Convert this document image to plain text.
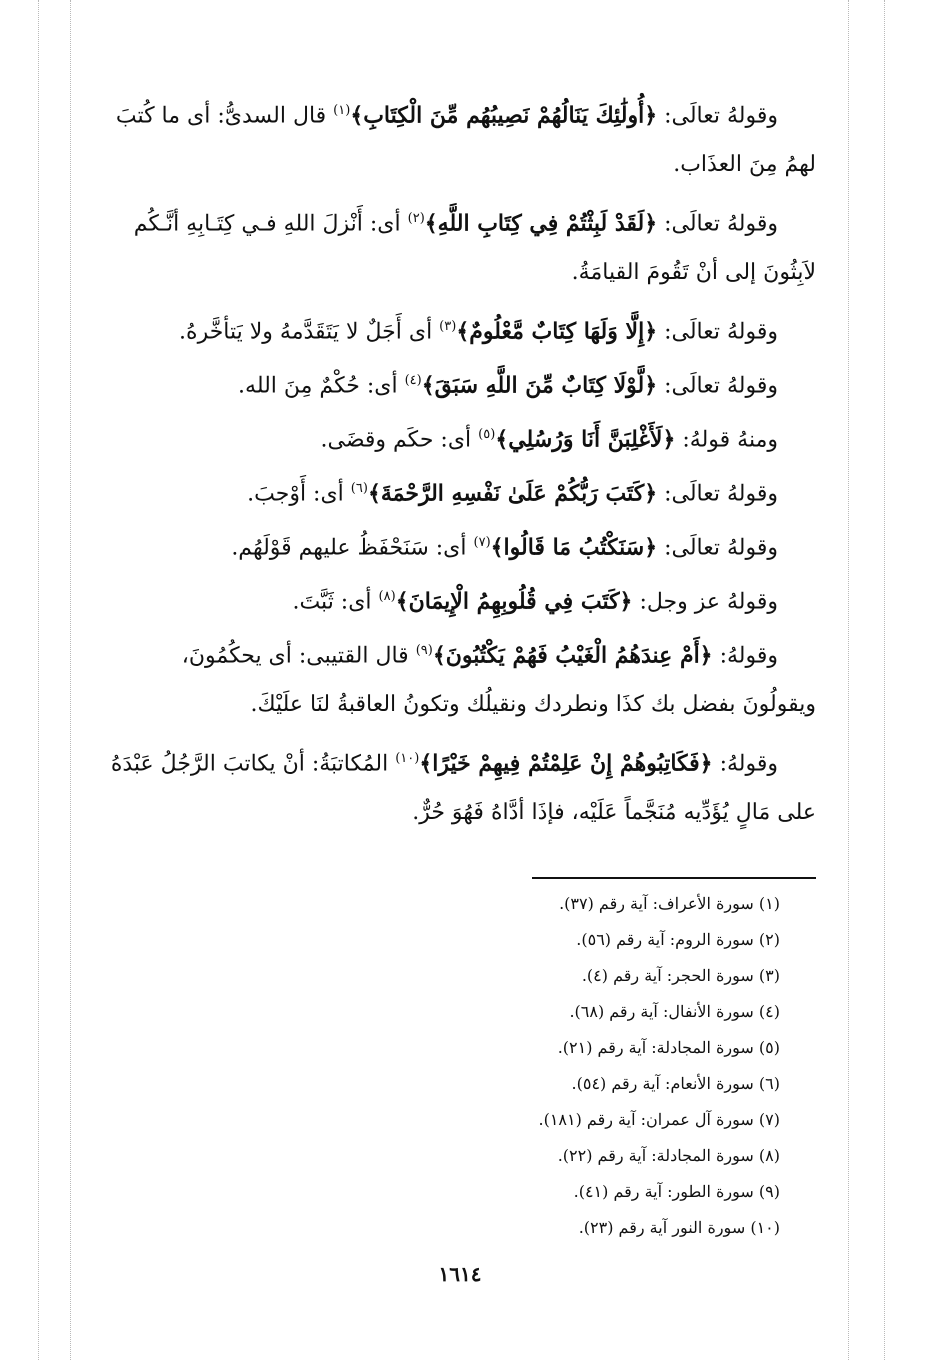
وقولهُ تعالَى: ﴿أُولَٰئِكَ يَنَالُهُمْ نَصِيبُهُم مِّنَ الْكِتَابِ﴾$^{(١)}$ قال السدىُّ: أى ما كُتبَ
لهمُ مِنَ العذَاب.
وقولهُ تعالَى: ﴿لَقَدْ لَبِثْتُمْ فِي كِتَابِ اللَّهِ﴾$^{(٢)}$ أى: أَنْزلَ اللهِ فـي كِتَـابِهِ أنَّـكُم
لاَبِثُونَ إلى أنْ تَقُومَ القيامَةُ.
وقولهُ تعالَى: ﴿إِلَّا وَلَهَا كِتَابٌ مَّعْلُومٌ﴾$^{(٣)}$ أى أَجَلٌ لا يَتَقَدَّمهُ ولا يَتأخَّرهُ.
وقولهُ تعالَى: ﴿لَّوْلَا كِتَابٌ مِّنَ اللَّهِ سَبَقَ﴾$^{(٤)}$ أى: حُكْمٌ مِنَ الله.
ومنهُ قولهُ: ﴿لَأَغْلِبَنَّ أَنَا وَرُسُلِي﴾$^{(٥)}$ أى: حكَم وقضَى.
وقولهُ تعالَى: ﴿كَتَبَ رَبُّكُمْ عَلَىٰ نَفْسِهِ الرَّحْمَةَ﴾$^{(٦)}$ أى: أَوْجبَ.
وقولهُ تعالَى: ﴿سَنَكْتُبُ مَا قَالُوا﴾$^{(٧)}$ أى: سَنَحْفَظُ عليهم قَوْلَهُم.
وقولهُ عز وجل: ﴿كَتَبَ فِي قُلُوبِهِمُ الْإِيمَانَ﴾$^{(٨)}$ أى: ثَبَّتَ.
وقولهُ: ﴿أَمْ عِندَهُمُ الْغَيْبُ فَهُمْ يَكْتُبُونَ﴾$^{(٩)}$ قال القتيبى: أى يحكُمُونَ،
ويقولُونَ بفضل بك كذَا ونطردك ونقيلُك وتكونُ العاقبةُ لنَا علَيْكَ.
وقولهُ: ﴿فَكَاتِبُوهُمْ إِنْ عَلِمْتُمْ فِيهِمْ خَيْرًا﴾$^{(١٠)}$ المُكاتبَةُ: أنْ يكاتبَ الرَّجُلُ عَبْدَهُ
على مَالٍ يُؤَدِّيه مُنَجَّماً عَلَيْه، فإذَا أدَّاهُ فَهُوَ حُرٌّ.
(١) سورة الأعراف: آية رقم (٣٧).
(٢) سورة الروم: آية رقم (٥٦).
(٣) سورة الحجر: آية رقم (٤).
(٤) سورة الأنفال: آية رقم (٦٨).
(٥) سورة المجادلة: آية رقم (٢١).
(٦) سورة الأنعام: آية رقم (٥٤).
(٧) سورة آل عمران: آية رقم (١٨١).
(٨) سورة المجادلة: آية رقم (٢٢).
(٩) سورة الطور: آية رقم (٤١).
(١٠) سورة النور آية رقم (٢٣).
١٦١٤
